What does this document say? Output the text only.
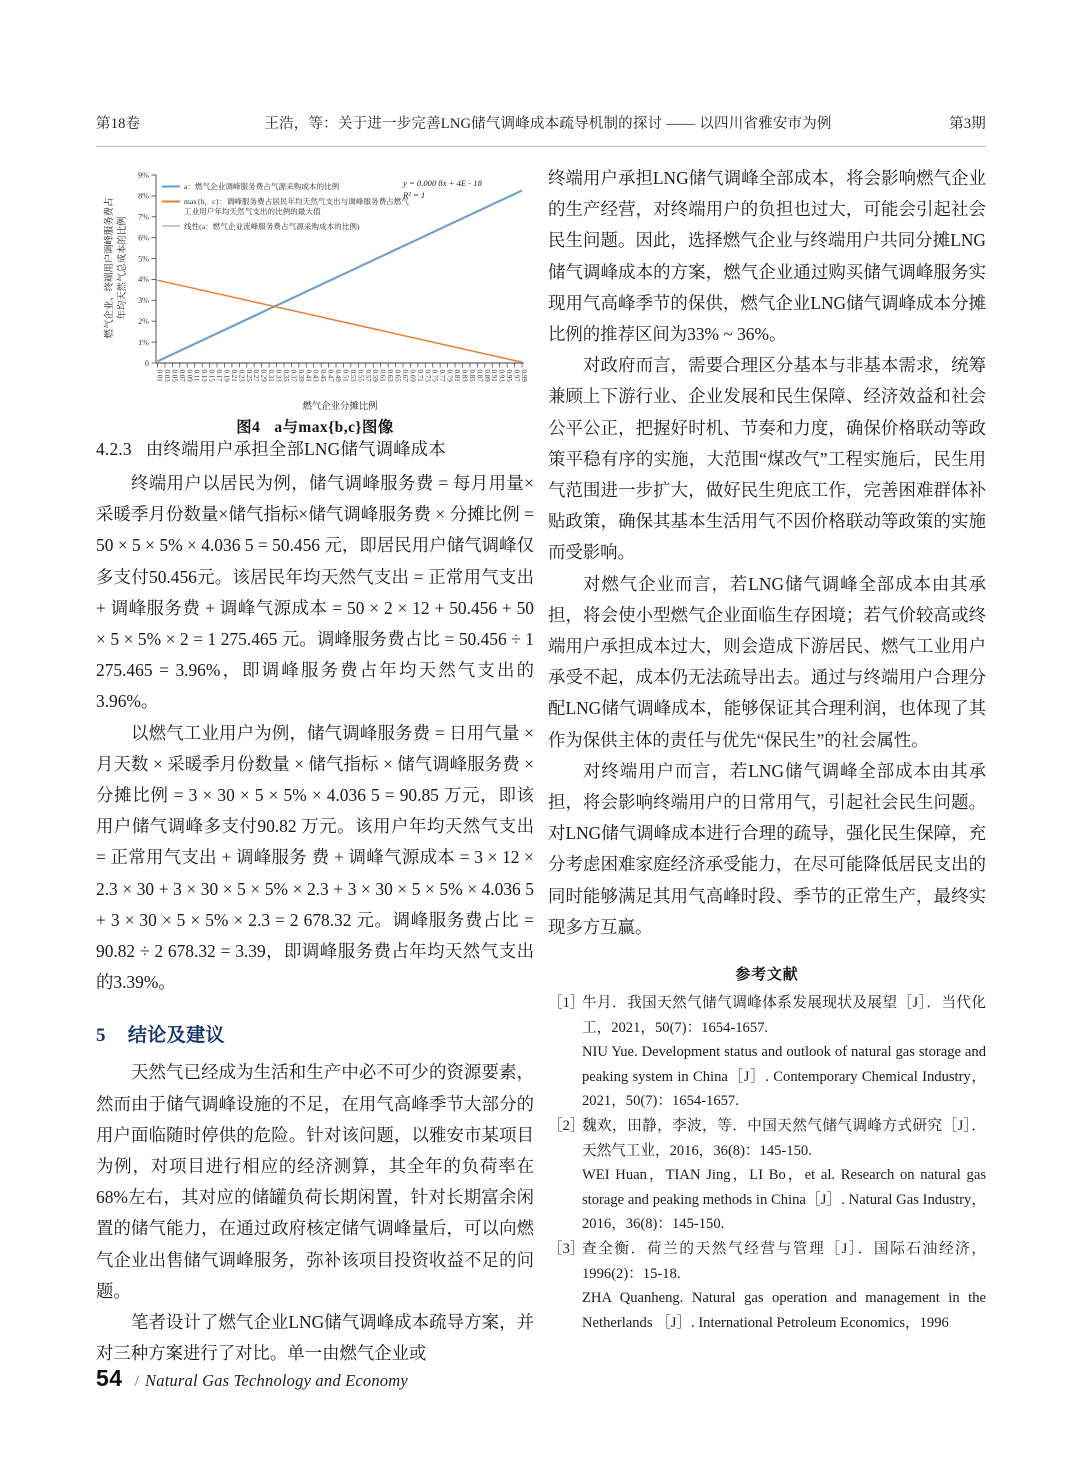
第18卷	王浩，等：关于进一步完善LNG储气调峰成本疏导机制的探讨 —— 以四川省雅安市为例	第3期
0
1%
2%
3%
4%
5%
6%
7%
8%
9%
0.01 0.03 0.05 0.07 0.09 0.11 0.13 0.15 0.17 0.19 0.21 0.23 0.25 0.27 0.29 0.31 0.33 0.35 0.37 0.39 0.41 0.43 0.45 0.47 0.49 0.51 0.53 0.55 0.57 0.59 0.61 0.63 0.65 0.67 0.69 0.71 0.73 0.75 0.77 0.79 0.81 0.83 0.85 0.87 0.89 0.91 0.93 0.95 0.97 0.99
a：燃气企业调峰服务费占气源采购成本的比例
max{b，c}：调峰服务费占居民年均天然气支出与调峰服务费占燃气
工业用户年均天然气支出的比例的最大值
线性(a：燃气企业流峰服务费占气源采购成本的比例)
y = 0.000 8x + 4E - 18
R² = 1
燃气企业分摊比例
燃气企业、终端用户调峰服务费占 年均天然气总成本的比例
图4 a与max{b,c}图像
4.2.3 由终端用户承担全部LNG储气调峰成本

终端用户以居民为例，储气调峰服务费 = 每月用量×采暖季月份数量×储气指标×储气调峰服务费 × 分摊比例 = 50 × 5 × 5% × 4.036 5 = 50.456 元，即居民用户储气调峰仅多支付50.456元。该居民年均天然气支出 = 正常用气支出 + 调峰服务费 + 调峰气源成本 = 50 × 2 × 12 + 50.456 + 50 × 5 × 5% × 2 = 1 275.465 元。调峰服务费占比 = 50.456 ÷ 1 275.465 = 3.96%，即调峰服务费占年均天然气支出的3.96%。

以燃气工业用户为例，储气调峰服务费 = 日用气量 × 月天数 × 采暖季月份数量 × 储气指标 × 储气调峰服务费 × 分摊比例 = 3 × 30 × 5 × 5% × 4.036 5 = 90.85 万元，即该用户储气调峰多支付90.82 万元。该用户年均天然气支出 = 正常用气支出 + 调峰服务 费 + 调峰气源成本 = 3 × 12 × 2.3 × 30 + 3 × 30 × 5 × 5% × 2.3 + 3 × 30 × 5 × 5% × 4.036 5 + 3 × 30 × 5 × 5% × 2.3 = 2 678.32 元。调峰服务费占比 = 90.82 ÷ 2 678.32 = 3.39，即调峰服务费占年均天然气支出的3.39%。

5 结论及建议

天然气已经成为生活和生产中必不可少的资源要素，然而由于储气调峰设施的不足，在用气高峰季节大部分的用户面临随时停供的危险。针对该问题，以雅安市某项目为例，对项目进行相应的经济测算，其全年的负荷率在68%左右，其对应的储罐负荷长期闲置，针对长期富余闲置的储气能力，在通过政府核定储气调峰量后，可以向燃气企业出售储气调峰服务，弥补该项目投资收益不足的问题。

笔者设计了燃气企业LNG储气调峰成本疏导方案，并对三种方案进行了对比。单一由燃气企业或

终端用户承担LNG储气调峰全部成本，将会影响燃气企业的生产经营，对终端用户的负担也过大，可能会引起社会民生问题。因此，选择燃气企业与终端用户共同分摊LNG储气调峰成本的方案，燃气企业通过购买储气调峰服务实现用气高峰季节的保供，燃气企业LNG储气调峰成本分摊比例的推荐区间为33% ~ 36%。

对政府而言，需要合理区分基本与非基本需求，统筹兼顾上下游行业、企业发展和民生保障、经济效益和社会公平公正，把握好时机、节奏和力度，确保价格联动等政策平稳有序的实施，大范围“煤改气”工程实施后，民生用气范围进一步扩大，做好民生兜底工作，完善困难群体补贴政策，确保其基本生活用气不因价格联动等政策的实施而受影响。

对燃气企业而言，若LNG储气调峰全部成本由其承担，将会使小型燃气企业面临生存困境；若气价较高或终端用户承担成本过大，则会造成下游居民、燃气工业用户承受不起，成本仍无法疏导出去。通过与终端用户合理分配LNG储气调峰成本，能够保证其合理利润，也体现了其作为保供主体的责任与优先“保民生”的社会属性。

对终端用户而言，若LNG储气调峰全部成本由其承担，将会影响终端用户的日常用气，引起社会民生问题。对LNG储气调峰成本进行合理的疏导，强化民生保障，充分考虑困难家庭经济承受能力，在尽可能降低居民支出的同时能够满足其用气高峰时段、季节的正常生产，最终实现多方互赢。

参考文献
［1］
牛月．我国天然气储气调峰体系发展现状及展望［J］．当代化工，2021，50(7)：1654-1657.
NIU Yue. Development status and outlook of natural gas storage and peaking system in China［J］. Contemporary Chemical Industry，2021，50(7)：1654-1657.
［2］
魏欢，田静，李波，等．中国天然气储气调峰方式研究［J］．天然气工业，2016，36(8)：145-150.
WEI Huan，TIAN Jing，LI Bo，et al. Research on natural gas storage and peaking methods in China［J］. Natural Gas Industry，2016，36(8)：145-150.
［3］
查全衡．荷兰的天然气经营与管理［J］．国际石油经济，1996(2)：15-18.
ZHA Quanheng. Natural gas operation and management in the Netherlands ［J］. International Petroleum Economics，1996
54 / Natural Gas Technology and Economy
